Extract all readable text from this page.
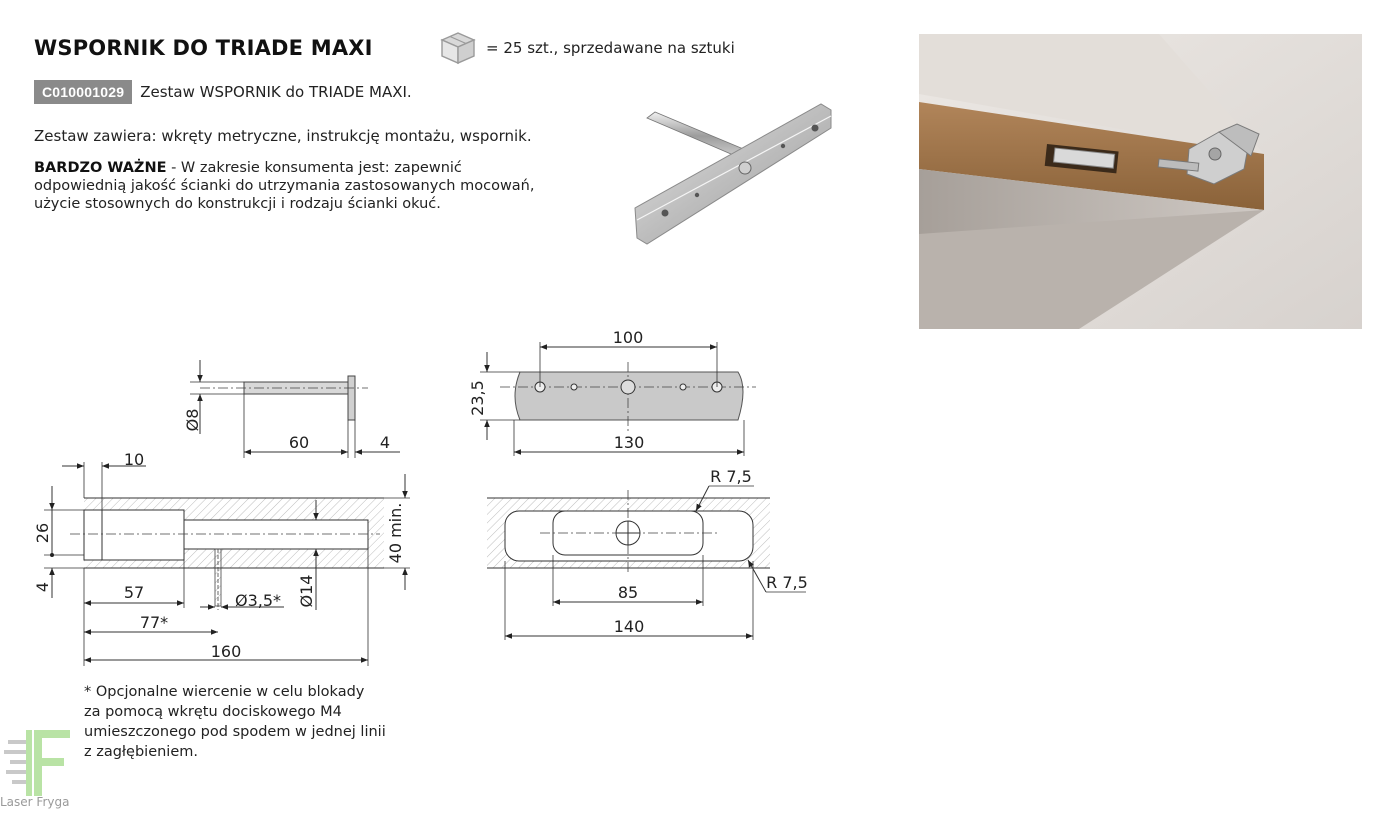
WSPORNIK DO TRIADE MAXI	= 25 szt., sprzedawane na sztuki
C010001029	Zestaw WSPORNIK do TRIADE MAXI.
Zestaw zawiera: wkręty metryczne, instrukcję montażu, wspornik.
BARDZO WAŻNE - W zakresie konsumenta jest: zapewnić odpowiednią jakość ścianki do utrzymania zastosowanych mocowań, użycie stosownych do konstrukcji i rodzaju ścianki okuć.
Ø8
60	4
100
23,5
130
10
26
4	57
77*
160
Ø3,5* Ø14
40 min.
R 7,5
R 7,5
85
140
* Opcjonalne wiercenie w celu blokady
za pomocą wkrętu dociskowego M4
umieszczonego pod spodem w jednej linii
z zagłębieniem.
Laser Fryga
